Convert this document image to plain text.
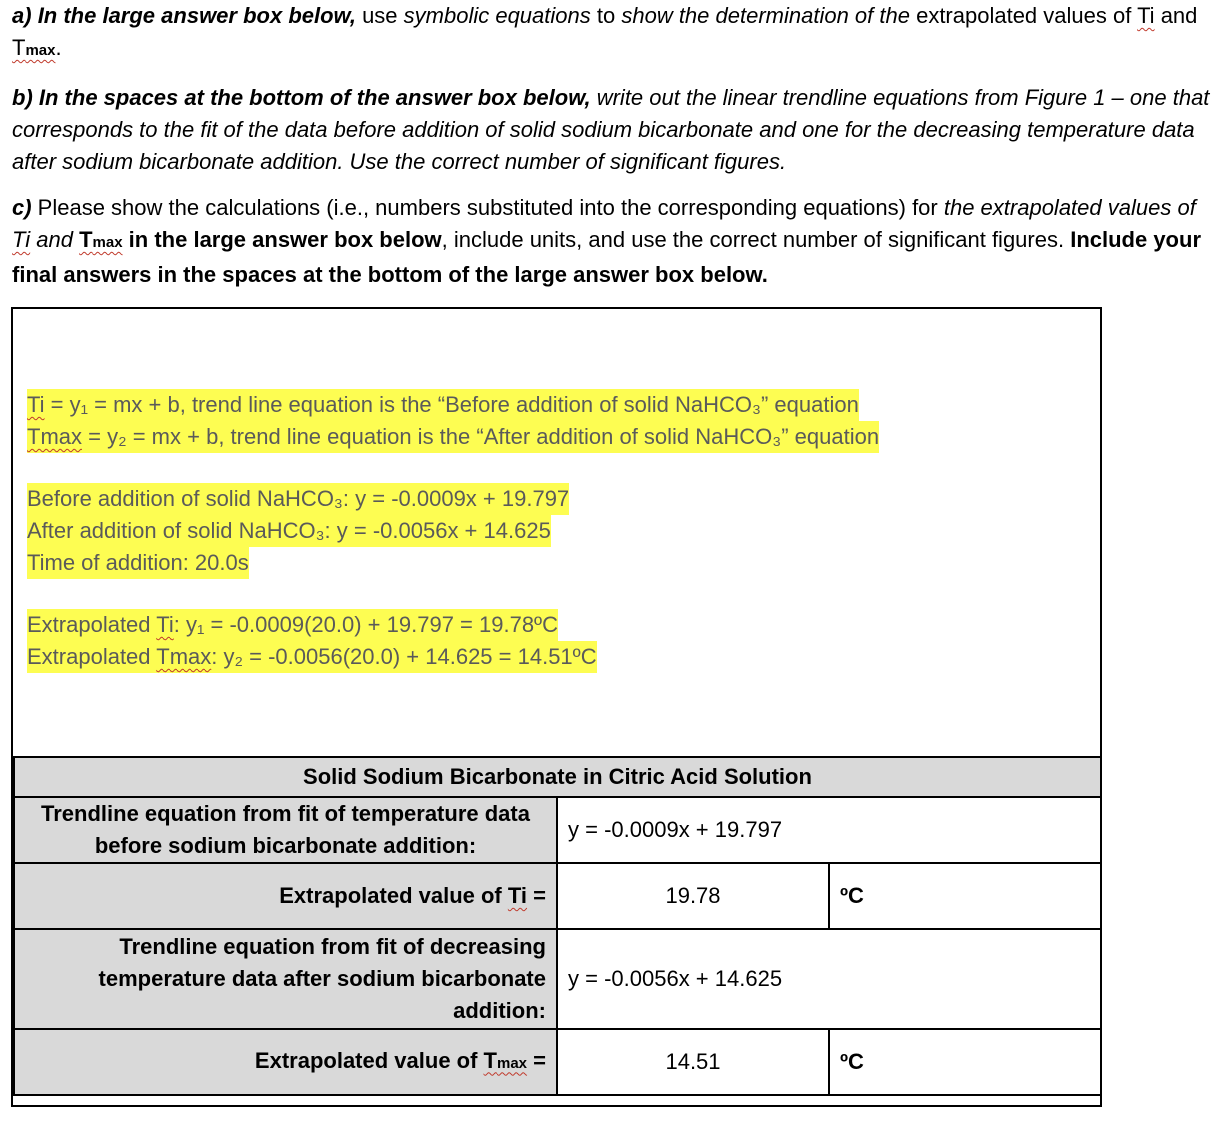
a) In the large answer box below, use symbolic equations to show the determination of the extrapolated values of Ti and Tmax.
b) In the spaces at the bottom of the answer box below, write out the linear trendline equations from Figure 1 – one that corresponds to the fit of the data before addition of solid sodium bicarbonate and one for the decreasing temperature data after sodium bicarbonate addition. Use the correct number of significant figures.
c) Please show the calculations (i.e., numbers substituted into the corresponding equations) for the extrapolated values of Ti and Tmax in the large answer box below, include units, and use the correct number of significant figures. Include your final answers in the spaces at the bottom of the large answer box below.
Ti = y₁ = mx + b, trend line equation is the “Before addition of solid NaHCO₃” equation
Tmax = y₂ = mx + b, trend line equation is the “After addition of solid NaHCO₃” equation
Before addition of solid NaHCO₃: y = -0.0009x + 19.797
After addition of solid NaHCO₃: y = -0.0056x + 14.625
Time of addition: 20.0s
Extrapolated Ti: y₁ = -0.0009(20.0) + 19.797 = 19.78ºC
Extrapolated Tmax: y₂ = -0.0056(20.0) + 14.625 = 14.51ºC
Solid Sodium Bicarbonate in Citric Acid Solution		
Trendline equation from fit of temperature data before sodium bicarbonate addition:	y = -0.0009x + 19.797	
Extrapolated value of Ti =	19.78	ºC
Trendline equation from fit of decreasing temperature data after sodium bicarbonate addition:	y = -0.0056x + 14.625	
Extrapolated value of Tmax =	14.51	ºC
